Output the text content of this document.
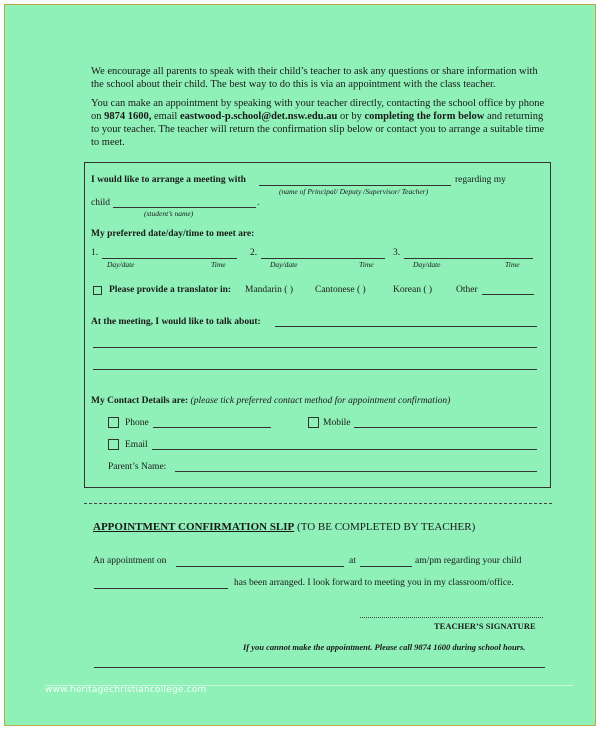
We encourage all parents to speak with their child’s teacher to ask any questions or share information with the school about their child. The best way to do this is via an appointment with the class teacher.
You can make an appointment by speaking with your teacher directly, contacting the school office by phone on 9874 1600, email eastwood-p.school@det.nsw.edu.au or by completing the form below and returning to your teacher. The teacher will return the confirmation slip below or contact you to arrange a suitable time to meet.
I would like to arrange a meeting with	regarding my
(name of Principal/ Deputy /Supervisor/ Teacher)
child	.
(student’s name)
My preferred date/day/time to meet are:
1.
Day/date	Time
2.
Day/date	Time
3.
Day/date	Time
Please provide a translator in: Mandarin ( ) Cantonese ( )	Korean ( )	Other
At the meeting, I would like to talk about:
My Contact Details are: (please tick preferred contact method for appointment confirmation)
Phone	Mobile
Email
Parent’s Name:
APPOINTMENT CONFIRMATION SLIP (TO BE COMPLETED BY TEACHER)
An appointment on	at	am/pm regarding your child
has been arranged. I look forward to meeting you in my classroom/office.
TEACHER’S SIGNATURE
If you cannot make the appointment. Please call 9874 1600 during school hours.
www.heritagechristiancollege.com
